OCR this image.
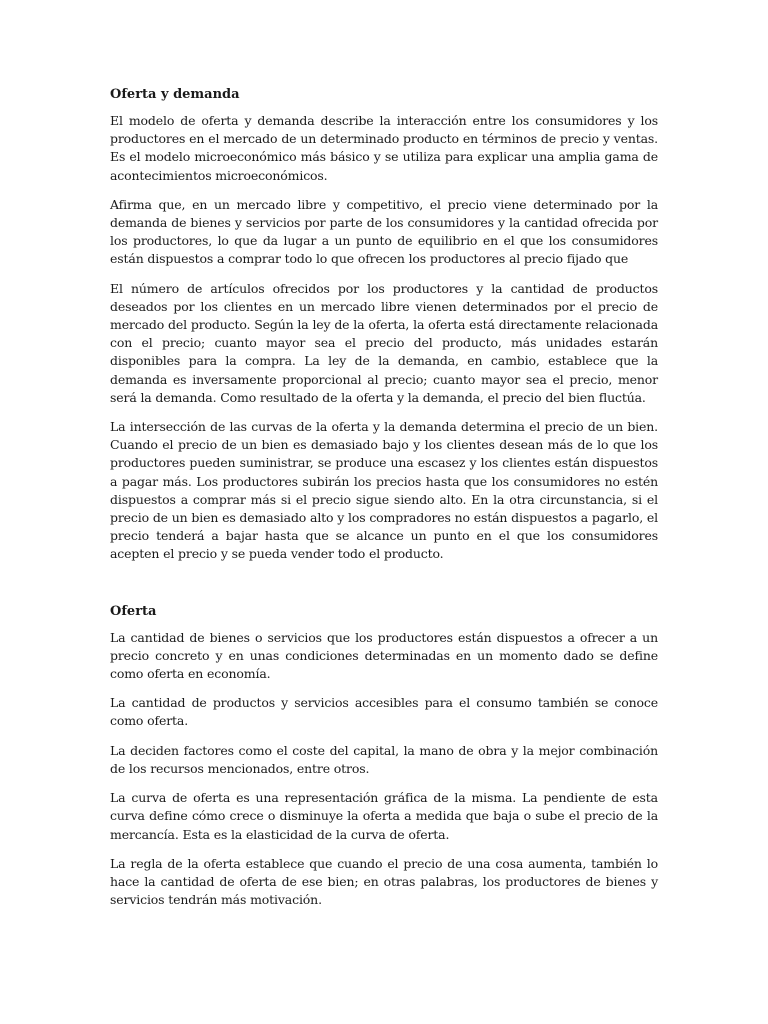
Oferta y demanda

El modelo de oferta y demanda describe la interacción entre los consumidores y los productores en el mercado de un determinado producto en términos de precio y ventas. Es el modelo microeconómico más básico y se utiliza para explicar una amplia gama de acontecimientos microeconómicos.

Afirma que, en un mercado libre y competitivo, el precio viene determinado por la demanda de bienes y servicios por parte de los consumidores y la cantidad ofrecida por los productores, lo que da lugar a un punto de equilibrio en el que los consumidores están dispuestos a comprar todo lo que ofrecen los productores al precio fijado que

El número de artículos ofrecidos por los productores y la cantidad de productos deseados por los clientes en un mercado libre vienen determinados por el precio de mercado del producto. Según la ley de la oferta, la oferta está directamente relacionada con el precio; cuanto mayor sea el precio del producto, más unidades estarán disponibles para la compra. La ley de la demanda, en cambio, establece que la demanda es inversamente proporcional al precio; cuanto mayor sea el precio, menor será la demanda. Como resultado de la oferta y la demanda, el precio del bien fluctúa.

La intersección de las curvas de la oferta y la demanda determina el precio de un bien. Cuando el precio de un bien es demasiado bajo y los clientes desean más de lo que los productores pueden suministrar, se produce una escasez y los clientes están dispuestos a pagar más. Los productores subirán los precios hasta que los consumidores no estén dispuestos a comprar más si el precio sigue siendo alto. En la otra circunstancia, si el precio de un bien es demasiado alto y los compradores no están dispuestos a pagarlo, el precio tenderá a bajar hasta que se alcance un punto en el que los consumidores acepten el precio y se pueda vender todo el producto.

Oferta

La cantidad de bienes o servicios que los productores están dispuestos a ofrecer a un precio concreto y en unas condiciones determinadas en un momento dado se define como oferta en economía.

La cantidad de productos y servicios accesibles para el consumo también se conoce como oferta.

La deciden factores como el coste del capital, la mano de obra y la mejor combinación de los recursos mencionados, entre otros.

La curva de oferta es una representación gráfica de la misma. La pendiente de esta curva define cómo crece o disminuye la oferta a medida que baja o sube el precio de la mercancía. Esta es la elasticidad de la curva de oferta.

La regla de la oferta establece que cuando el precio de una cosa aumenta, también lo hace la cantidad de oferta de ese bien; en otras palabras, los productores de bienes y servicios tendrán más motivación.
